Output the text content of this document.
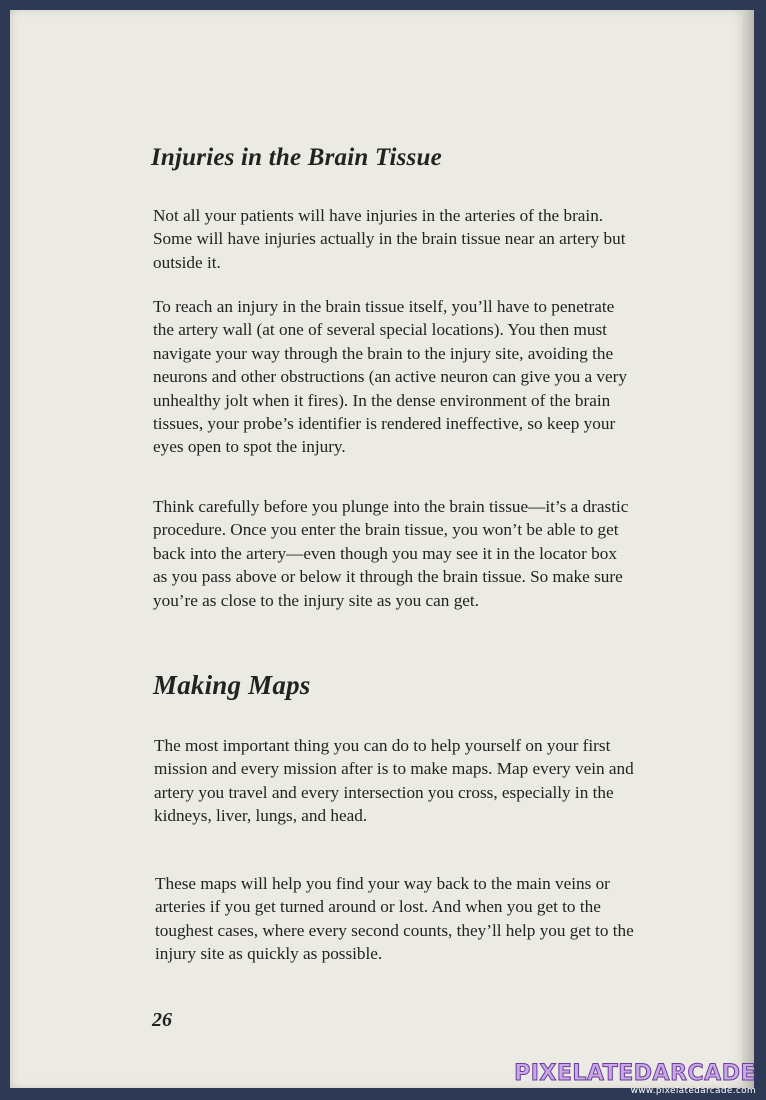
Injuries in the Brain Tissue

Not all your patients will have injuries in the arteries of the brain. Some will have injuries actually in the brain tissue near an artery but outside it.

To reach an injury in the brain tissue itself, you’ll have to penetrate the artery wall (at one of several special locations). You then must navigate your way through the brain to the injury site, avoiding the neurons and other obstructions (an active neuron can give you a very unhealthy jolt when it fires). In the dense environment of the brain tissues, your probe’s identifier is rendered ineffective, so keep your eyes open to spot the injury.

Think carefully before you plunge into the brain tissue—it’s a drastic procedure. Once you enter the brain tissue, you won’t be able to get back into the artery—even though you may see it in the locator box as you pass above or below it through the brain tissue. So make sure you’re as close to the injury site as you can get.

Making Maps

The most important thing you can do to help yourself on your first mission and every mission after is to make maps. Map every vein and artery you travel and every intersection you cross, especially in the kidneys, liver, lungs, and head.

These maps will help you find your way back to the main veins or arteries if you get turned around or lost. And when you get to the toughest cases, where every second counts, they’ll help you get to the injury site as quickly as possible.

26
PIXELATEDARCADE
www.pixelatedarcade.com
